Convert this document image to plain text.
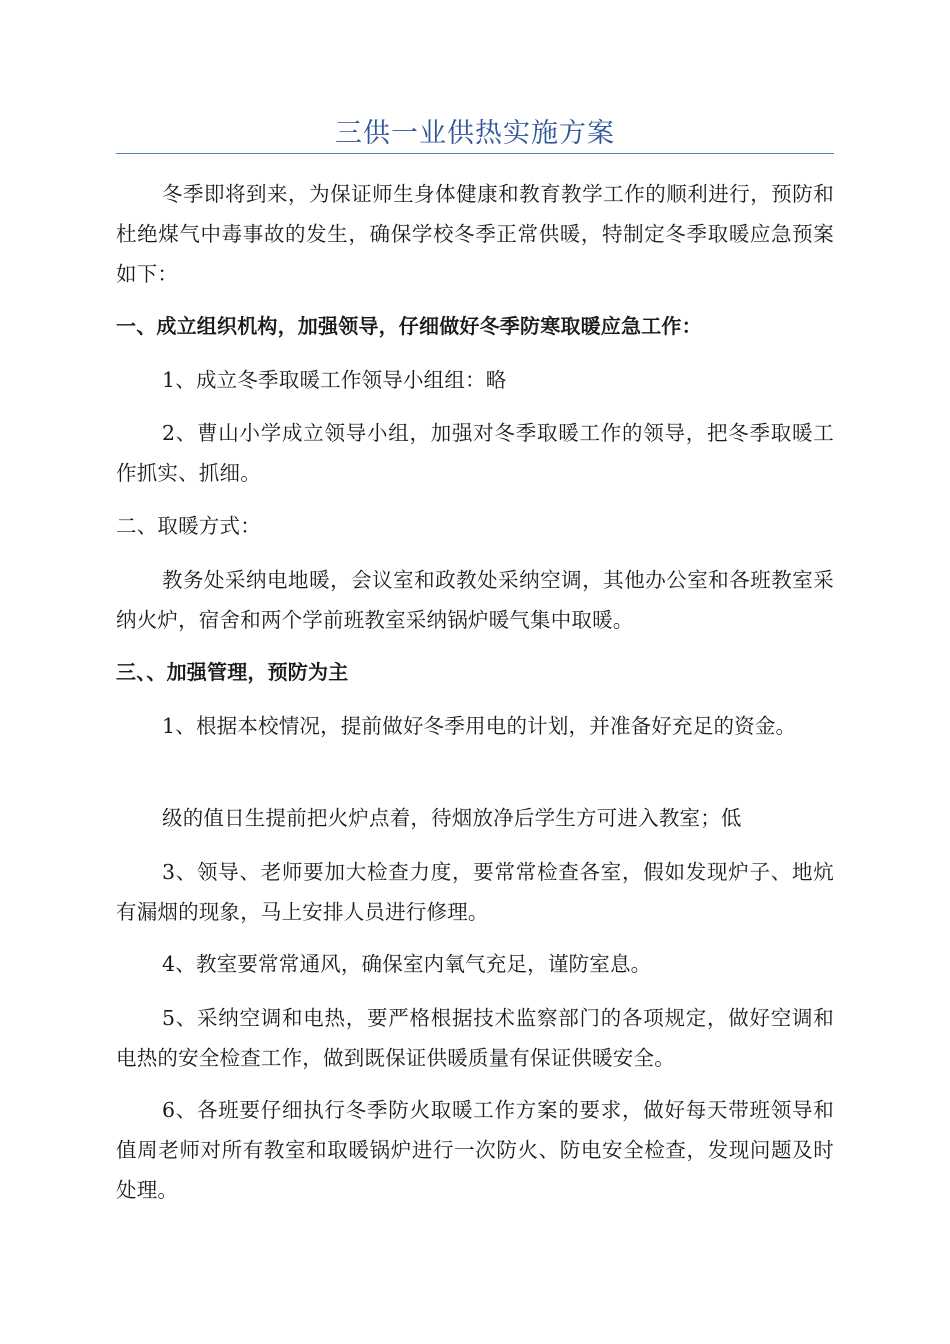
三供一业供热实施方案

冬季即将到来，为保证师生身体健康和教育教学工作的顺利进行，预防和杜绝煤气中毒事故的发生，确保学校冬季正常供暖，特制定冬季取暖应急预案如下：

一、成立组织机构，加强领导，仔细做好冬季防寒取暖应急工作：

1、成立冬季取暖工作领导小组组：略

2、曹山小学成立领导小组，加强对冬季取暖工作的领导，把冬季取暖工作抓实、抓细。

二、取暖方式：

教务处采纳电地暖，会议室和政教处采纳空调，其他办公室和各班教室采纳火炉，宿舍和两个学前班教室采纳锅炉暖气集中取暖。

三、、加强管理，预防为主

1、根据本校情况，提前做好冬季用电的计划，并准备好充足的资金。

级的值日生提前把火炉点着，待烟放净后学生方可进入教室；低

3、领导、老师要加大检查力度，要常常检查各室，假如发现炉子、地炕有漏烟的现象，马上安排人员进行修理。

4、教室要常常通风，确保室内氧气充足，谨防室息。

5、采纳空调和电热，要严格根据技术监察部门的各项规定，做好空调和电热的安全检查工作，做到既保证供暖质量有保证供暖安全。

6、各班要仔细执行冬季防火取暖工作方案的要求，做好每天带班领导和值周老师对所有教室和取暖锅炉进行一次防火、防电安全检查，发现问题及时处理。
